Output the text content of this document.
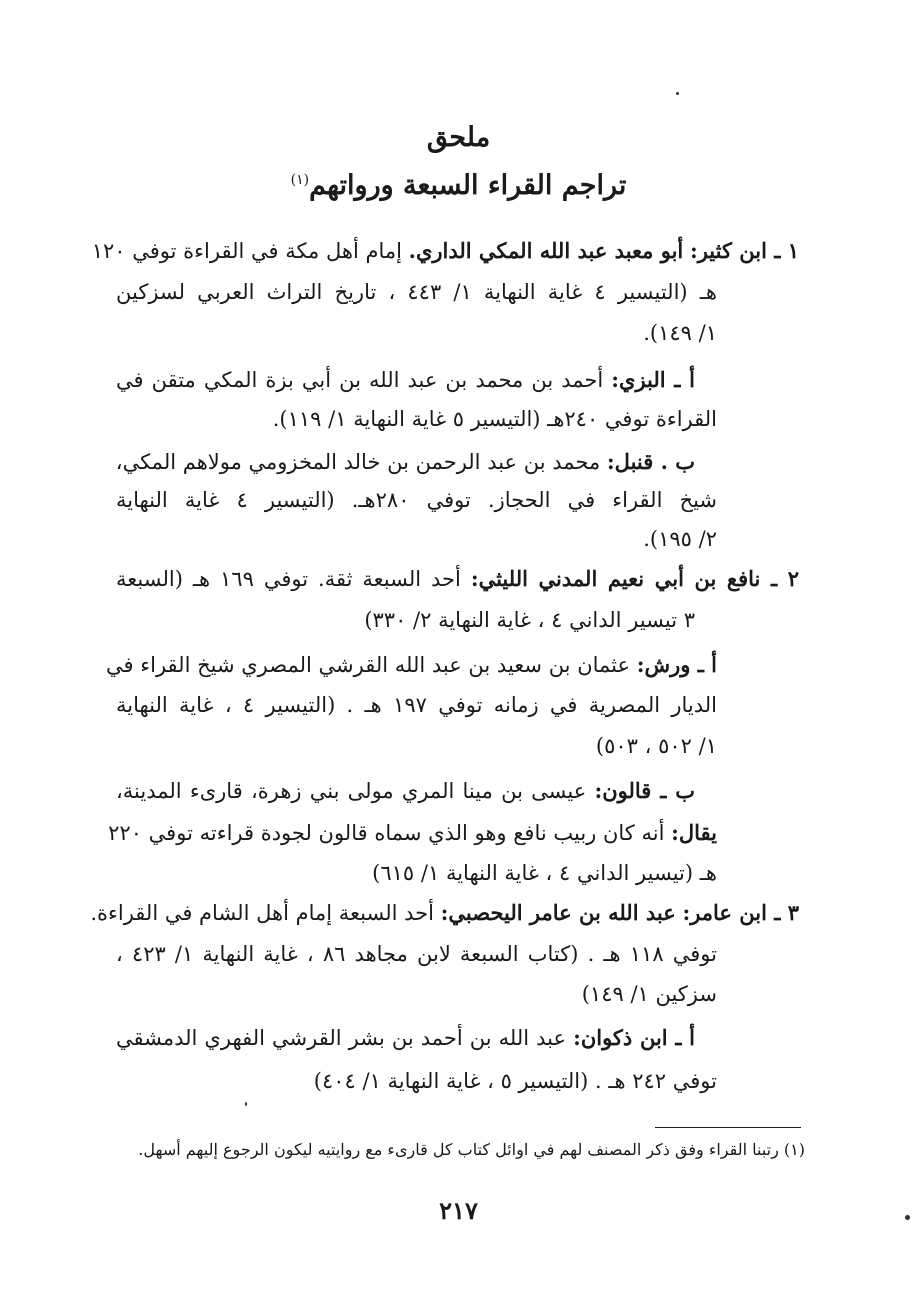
ملحق
تراجم القراء السبعة ورواتهم$^{(١)}$
١ ـ ابن كثير: أبو معبد عبد الله المكي الداري. إمام أهل مكة في القراءة توفي ١٢٠
هـ (التيسير ٤ غاية النهاية ١/ ٤٤٣ ، تاريخ التراث العربي لسزكين
١/ ١٤٩).
أ ـ البزي: أحمد بن محمد بن عبد الله بن أبي بزة المكي متقن في
القراءة توفي ٢٤٠هـ (التيسير ٥ غاية النهاية ١/ ١١٩).
ب . قنبل: محمد بن عبد الرحمن بن خالد المخزومي مولاهم المكي،
شيخ القراء في الحجاز. توفي ٢٨٠هـ. (التيسير ٤ غاية النهاية
٢/ ١٩٥).
٢ ـ نافع بن أبي نعيم المدني الليثي: أحد السبعة ثقة. توفي ١٦٩ هـ (السبعة
٣ تيسير الداني ٤ ، غاية النهاية ٢/ ٣٣٠)
أ ـ ورش: عثمان بن سعيد بن عبد الله القرشي المصري شيخ القراء في
الديار المصرية في زمانه توفي ١٩٧ هـ . (التيسير ٤ ، غاية النهاية
١/ ٥٠٢ ، ٥٠٣)
ب ـ قالون: عيسى بن مينا المري مولى بني زهرة، قارىء المدينة،
يقال: أنه كان ربيب نافع وهو الذي سماه قالون لجودة قراءته توفي ٢٢٠
هـ (تيسير الداني ٤ ، غاية النهاية ١/ ٦١٥)
٣ ـ ابن عامر: عبد الله بن عامر اليحصبي: أحد السبعة إمام أهل الشام في القراءة.
توفي ١١٨ هـ . (كتاب السبعة لابن مجاهد ٨٦ ، غاية النهاية ١/ ٤٢٣ ،
سزكين ١/ ١٤٩)
أ ـ ابن ذكوان: عبد الله بن أحمد بن بشر القرشي الفهري الدمشقي
توفي ٢٤٢ هـ . (التيسير ٥ ، غاية النهاية ١/ ٤٠٤)
(١) رتبنا القراء وفق ذكر المصنف لهم في اوائل كتاب كل قارىء مع روايتيه ليكون الرجوع إليهم أسهل.
٢١٧
